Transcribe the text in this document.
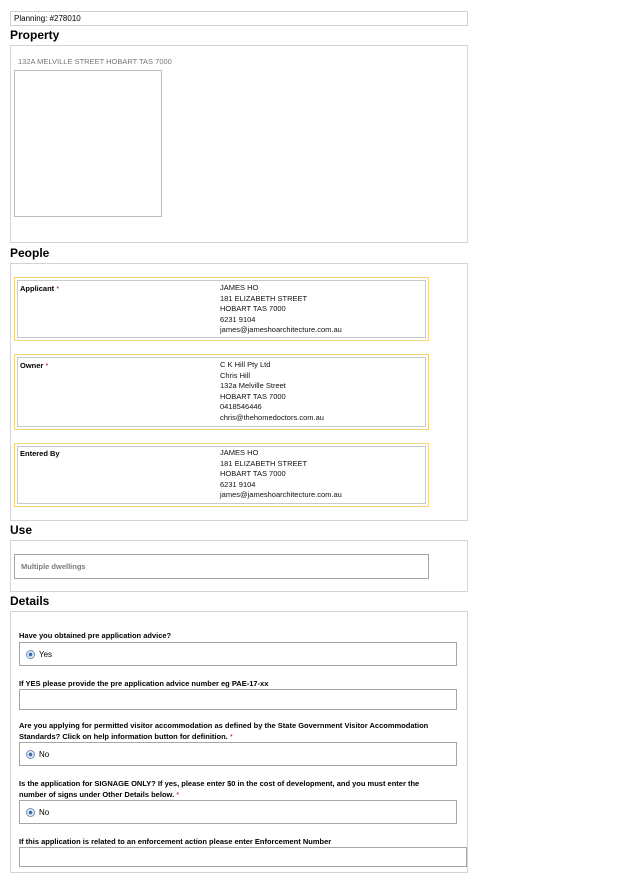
Planning: #278010
Property
132A MELVILLE STREET HOBART TAS 7000
People
Applicant *	JAMES HO
181 ELIZABETH STREET
HOBART TAS 7000
6231 9104
james@jameshoarchitecture.com.au
Owner *	C K Hill Pty Ltd
Chris Hill
132a Melville Street
HOBART TAS 7000
0418546446
chris@thehomedoctors.com.au
Entered By	JAMES HO
181 ELIZABETH STREET
HOBART TAS 7000
6231 9104
james@jameshoarchitecture.com.au
Use
Multiple dwellings
Details
Have you obtained pre application advice?
Yes
If YES please provide the pre application advice number eg PAE-17-xx
Are you applying for permitted visitor accommodation as defined by the State Government Visitor Accommodation
Standards? Click on help information button for definition. *
No
Is the application for SIGNAGE ONLY? If yes, please enter $0 in the cost of development, and you must enter the
number of signs under Other Details below. *
No
If this application is related to an enforcement action please enter Enforcement Number
